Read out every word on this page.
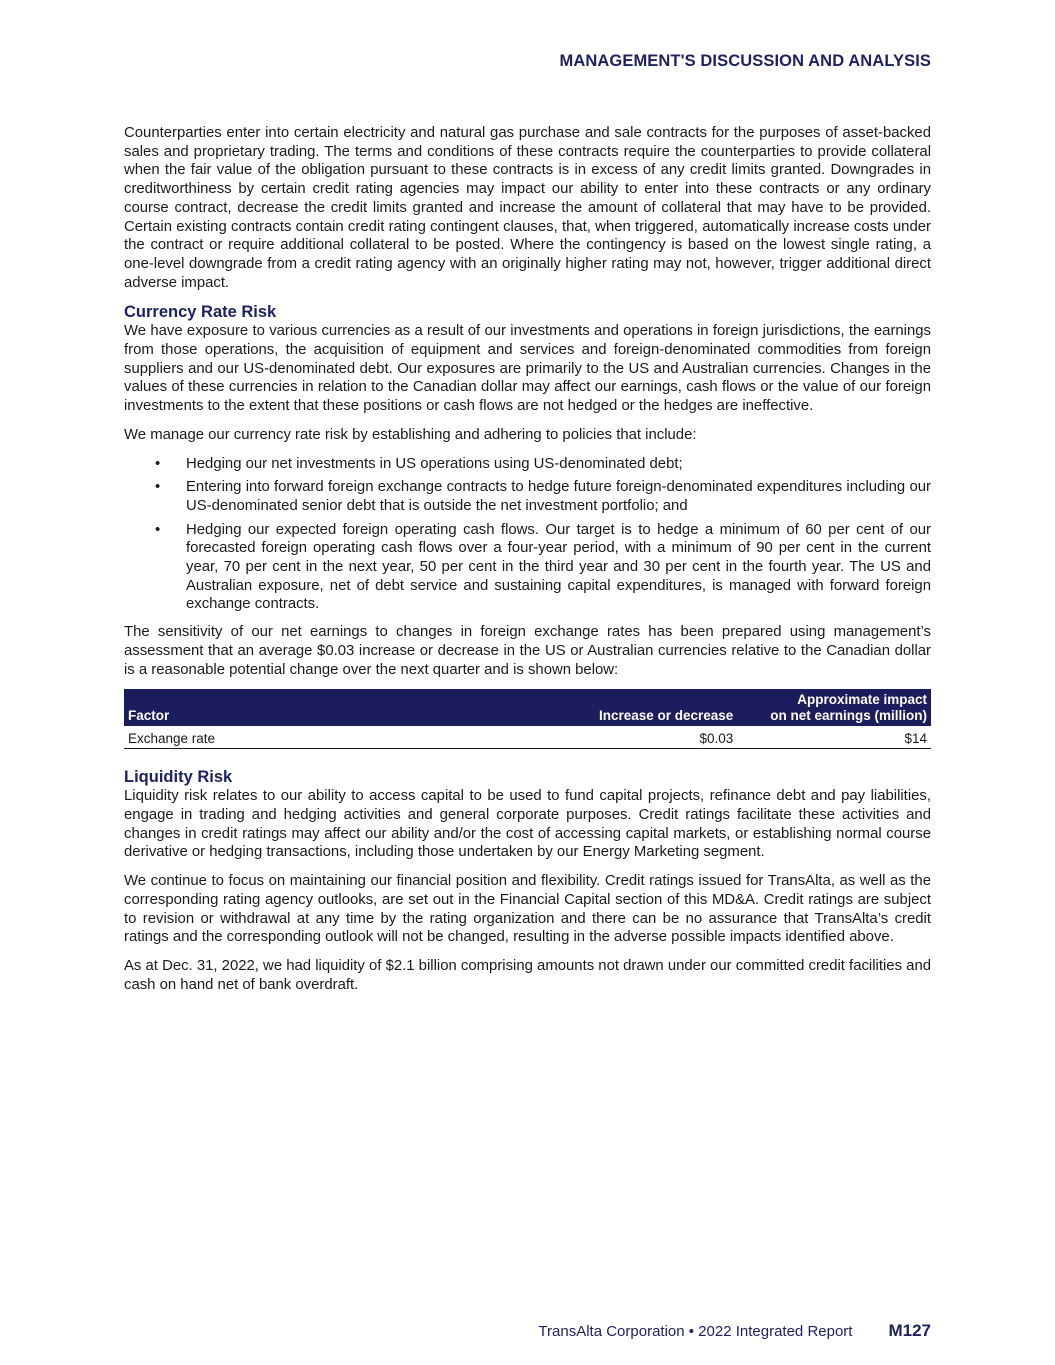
MANAGEMENT'S DISCUSSION AND ANALYSIS

Counterparties enter into certain electricity and natural gas purchase and sale contracts for the purposes of asset-backed sales and proprietary trading. The terms and conditions of these contracts require the counterparties to provide collateral when the fair value of the obligation pursuant to these contracts is in excess of any credit limits granted. Downgrades in creditworthiness by certain credit rating agencies may impact our ability to enter into these contracts or any ordinary course contract, decrease the credit limits granted and increase the amount of collateral that may have to be provided. Certain existing contracts contain credit rating contingent clauses, that, when triggered, automatically increase costs under the contract or require additional collateral to be posted. Where the contingency is based on the lowest single rating, a one-level downgrade from a credit rating agency with an originally higher rating may not, however, trigger additional direct adverse impact.

Currency Rate Risk

We have exposure to various currencies as a result of our investments and operations in foreign jurisdictions, the earnings from those operations, the acquisition of equipment and services and foreign-denominated commodities from foreign suppliers and our US-denominated debt. Our exposures are primarily to the US and Australian currencies. Changes in the values of these currencies in relation to the Canadian dollar may affect our earnings, cash flows or the value of our foreign investments to the extent that these positions or cash flows are not hedged or the hedges are ineffective.

We manage our currency rate risk by establishing and adhering to policies that include:

• Hedging our net investments in US operations using US-denominated debt;
• Entering into forward foreign exchange contracts to hedge future foreign-denominated expenditures including our US-denominated senior debt that is outside the net investment portfolio; and
• Hedging our expected foreign operating cash flows. Our target is to hedge a minimum of 60 per cent of our forecasted foreign operating cash flows over a four-year period, with a minimum of 90 per cent in the current year, 70 per cent in the next year, 50 per cent in the third year and 30 per cent in the fourth year. The US and Australian exposure, net of debt service and sustaining capital expenditures, is managed with forward foreign exchange contracts.

The sensitivity of our net earnings to changes in foreign exchange rates has been prepared using management’s assessment that an average $0.03 increase or decrease in the US or Australian currencies relative to the Canadian dollar is a reasonable potential change over the next quarter and is shown below:

Factor	Increase or decrease	Approximate impact
on net earnings (million)
Exchange rate	$0.03	$14
Liquidity Risk

Liquidity risk relates to our ability to access capital to be used to fund capital projects, refinance debt and pay liabilities, engage in trading and hedging activities and general corporate purposes. Credit ratings facilitate these activities and changes in credit ratings may affect our ability and/or the cost of accessing capital markets, or establishing normal course derivative or hedging transactions, including those undertaken by our Energy Marketing segment.

We continue to focus on maintaining our financial position and flexibility. Credit ratings issued for TransAlta, as well as the corresponding rating agency outlooks, are set out in the Financial Capital section of this MD&A. Credit ratings are subject to revision or withdrawal at any time by the rating organization and there can be no assurance that TransAlta’s credit ratings and the corresponding outlook will not be changed, resulting in the adverse possible impacts identified above.

As at Dec. 31, 2022, we had liquidity of $2.1 billion comprising amounts not drawn under our committed credit facilities and cash on hand net of bank overdraft.

TransAlta Corporation • 2022 Integrated Report M127
